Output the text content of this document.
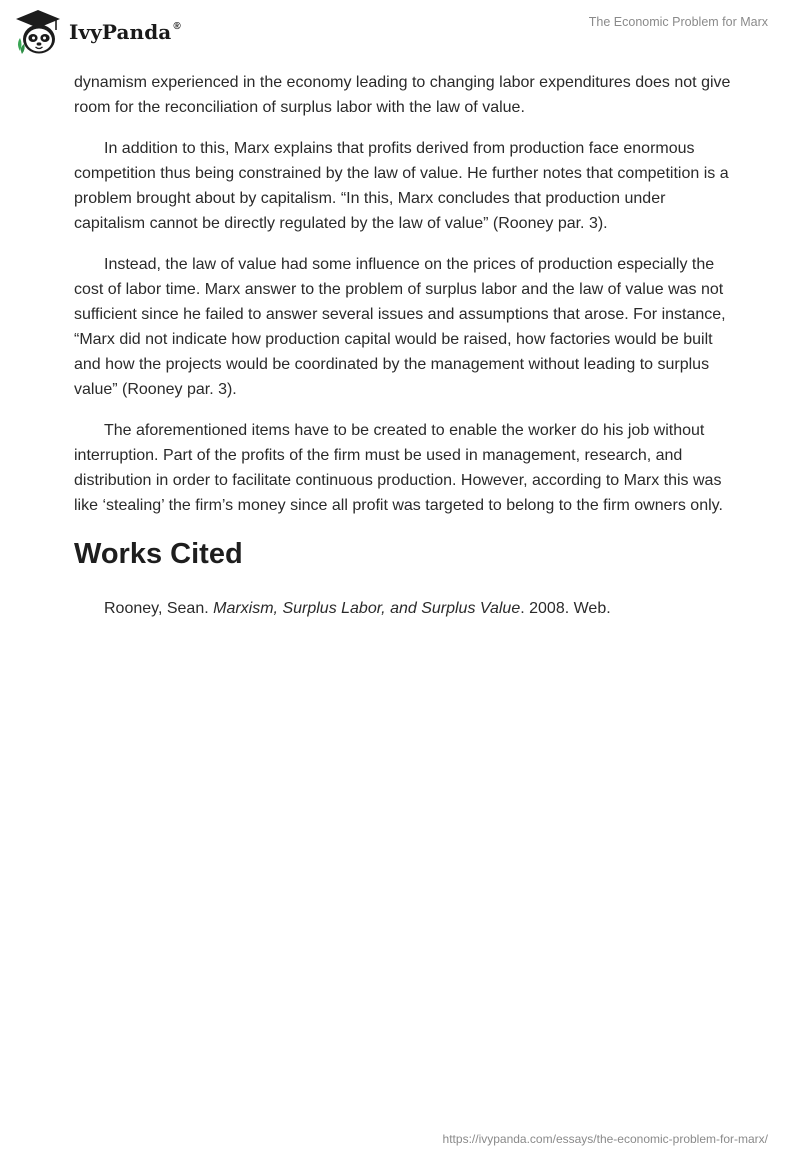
IvyPanda ®	The Economic Problem for Marx

dynamism experienced in the economy leading to changing labor expenditures does not give room for the reconciliation of surplus labor with the law of value.

In addition to this, Marx explains that profits derived from production face enormous competition thus being constrained by the law of value. He further notes that competition is a problem brought about by capitalism. “In this, Marx concludes that production under capitalism cannot be directly regulated by the law of value” (Rooney par. 3).

Instead, the law of value had some influence on the prices of production especially the cost of labor time. Marx answer to the problem of surplus labor and the law of value was not sufficient since he failed to answer several issues and assumptions that arose. For instance, “Marx did not indicate how production capital would be raised, how factories would be built and how the projects would be coordinated by the management without leading to surplus value” (Rooney par. 3).

The aforementioned items have to be created to enable the worker do his job without interruption. Part of the profits of the firm must be used in management, research, and distribution in order to facilitate continuous production. However, according to Marx this was like ‘stealing’ the firm’s money since all profit was targeted to belong to the firm owners only.

Works Cited

Rooney, Sean. Marxism, Surplus Labor, and Surplus Value. 2008. Web.

https://ivypanda.com/essays/the-economic-problem-for-marx/
